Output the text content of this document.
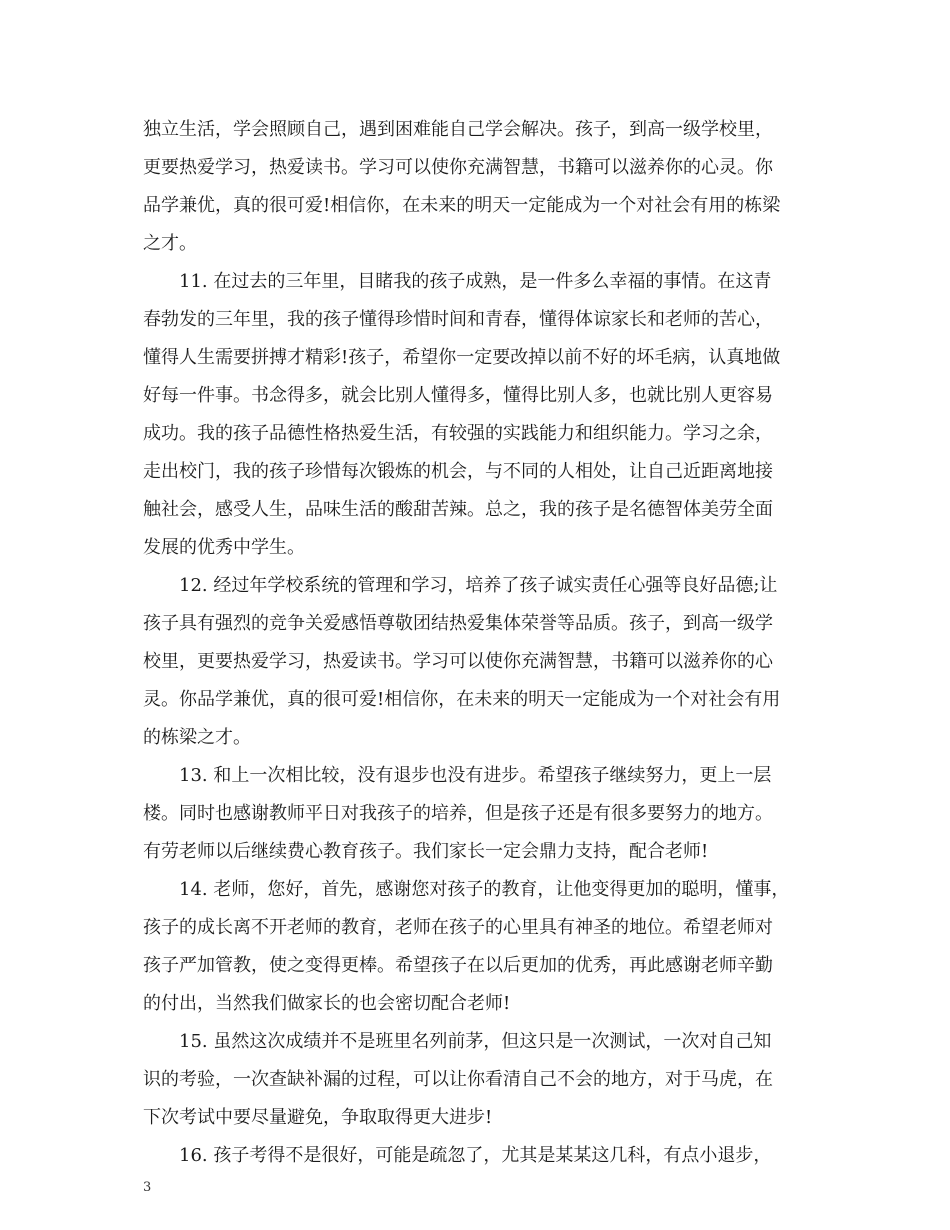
独立生活，学会照顾自己，遇到困难能自己学会解决。孩子，到高一级学校里，
更要热爱学习，热爱读书。学习可以使你充满智慧，书籍可以滋养你的心灵。你
品学兼优，真的很可爱!相信你，在未来的明天一定能成为一个对社会有用的栋梁
之才。
　　11. 在过去的三年里，目睹我的孩子成熟，是一件多么幸福的事情。在这青
春勃发的三年里，我的孩子懂得珍惜时间和青春，懂得体谅家长和老师的苦心，
懂得人生需要拼搏才精彩!孩子，希望你一定要改掉以前不好的坏毛病，认真地做
好每一件事。书念得多，就会比别人懂得多，懂得比别人多，也就比别人更容易
成功。我的孩子品德性格热爱生活，有较强的实践能力和组织能力。学习之余，
走出校门，我的孩子珍惜每次锻炼的机会，与不同的人相处，让自己近距离地接
触社会，感受人生，品味生活的酸甜苦辣。总之，我的孩子是名德智体美劳全面
发展的优秀中学生。
　　12. 经过年学校系统的管理和学习，培养了孩子诚实责任心强等良好品德;让
孩子具有强烈的竞争关爱感悟尊敬团结热爱集体荣誉等品质。孩子，到高一级学
校里，更要热爱学习，热爱读书。学习可以使你充满智慧，书籍可以滋养你的心
灵。你品学兼优，真的很可爱!相信你，在未来的明天一定能成为一个对社会有用
的栋梁之才。
　　13. 和上一次相比较，没有退步也没有进步。希望孩子继续努力，更上一层
楼。同时也感谢教师平日对我孩子的培养，但是孩子还是有很多要努力的地方。
有劳老师以后继续费心教育孩子。我们家长一定会鼎力支持，配合老师!
　　14. 老师，您好，首先，感谢您对孩子的教育，让他变得更加的聪明，懂事，
孩子的成长离不开老师的教育，老师在孩子的心里具有神圣的地位。希望老师对
孩子严加管教，使之变得更棒。希望孩子在以后更加的优秀，再此感谢老师辛勤
的付出，当然我们做家长的也会密切配合老师!
　　15. 虽然这次成绩并不是班里名列前茅，但这只是一次测试，一次对自己知
识的考验，一次查缺补漏的过程，可以让你看清自己不会的地方，对于马虎，在
下次考试中要尽量避免，争取取得更大进步!
　　16. 孩子考得不是很好，可能是疏忽了，尤其是某某这几科，有点小退步，
3
